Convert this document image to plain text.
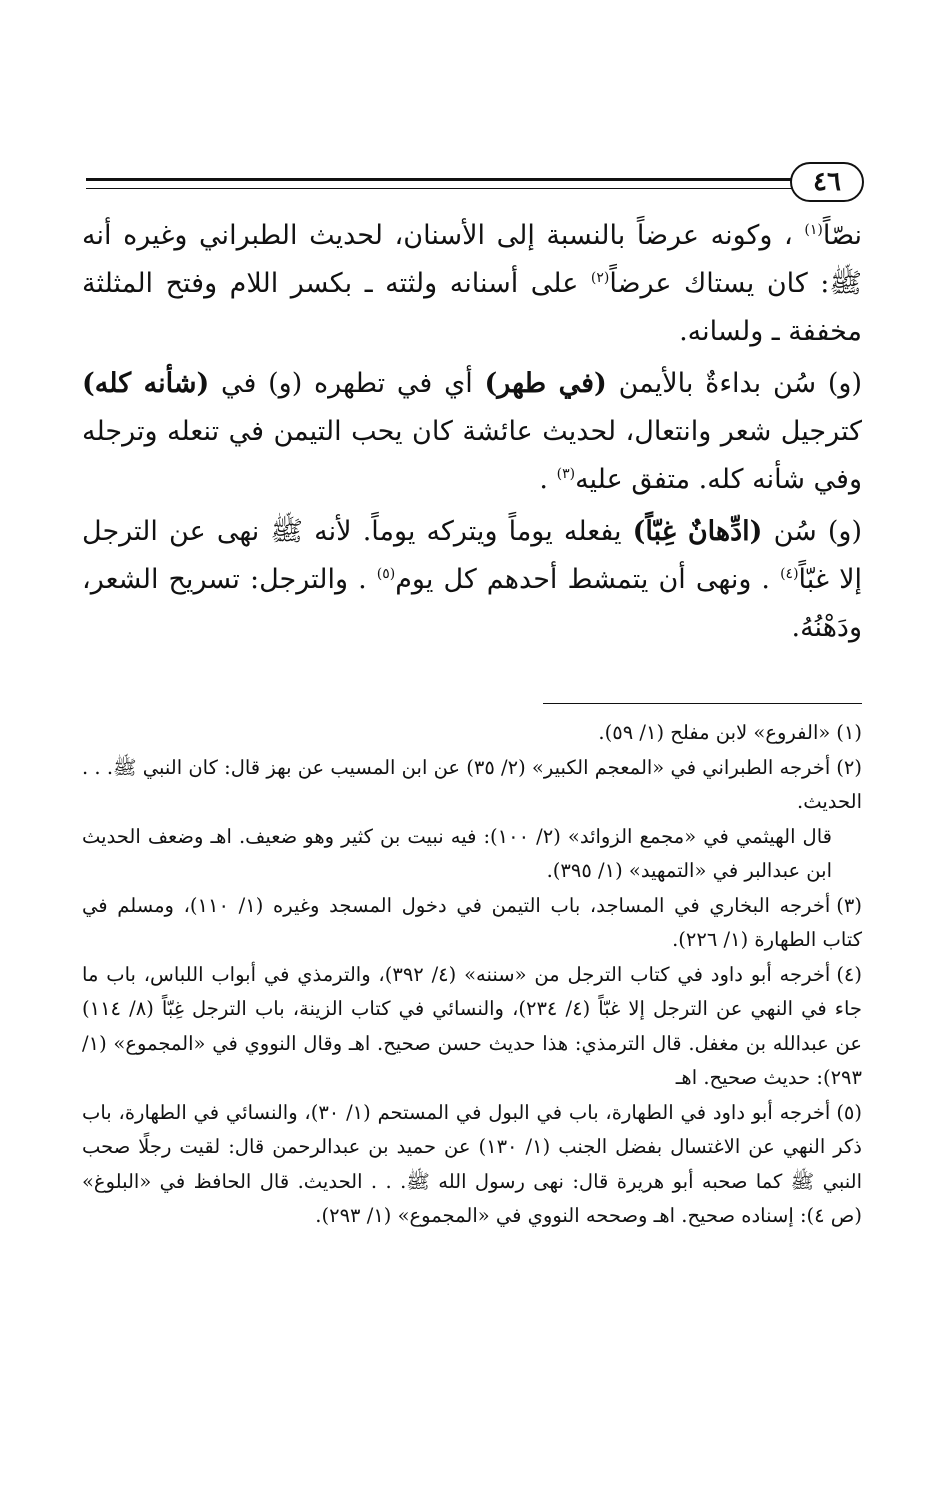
٤٦

نصّاً$^{(١)}$ ، وكونه عرضاً بالنسبة إلى الأسنان، لحديث الطبراني وغيره أنه ﷺ: كان يستاك عرضاً$^{(٢)}$ على أسنانه ولثته ـ بكسر اللام وفتح المثلثة مخففة ـ ولسانه.

(و) سُن بداءةٌ بالأيمن (في طهر) أي في تطهره (و) في (شأنه كله) كترجيل شعر وانتعال، لحديث عائشة كان يحب التيمن في تنعله وترجله وفي شأنه كله. متفق عليه$^{(٣)}$ .

(و) سُن (ادِّهانٌ غِبّاً) يفعله يوماً ويتركه يوماً. لأنه ﷺ نهى عن الترجل إلا غبّاً$^{(٤)}$ . ونهى أن يتمشط أحدهم كل يوم$^{(٥)}$ . والترجل: تسريح الشعر، ودَهْنُهُ.

(١)«الفروع» لابن مفلح (١/ ٥٩).

(٢)أخرجه الطبراني في «المعجم الكبير» (٢/ ٣٥) عن ابن المسيب عن بهز قال: كان النبي ﷺ. . . الحديث.

قال الهيثمي في «مجمع الزوائد» (٢/ ١٠٠): فيه نبيت بن كثير وهو ضعيف. اهـ وضعف الحديث ابن عبدالبر في «التمهيد» (١/ ٣٩٥).

(٣)أخرجه البخاري في المساجد، باب التيمن في دخول المسجد وغيره (١/ ١١٠)، ومسلم في كتاب الطهارة (١/ ٢٢٦).

(٤)أخرجه أبو داود في كتاب الترجل من «سننه» (٤/ ٣٩٢)، والترمذي في أبواب اللباس، باب ما جاء في النهي عن الترجل إلا غبّاً (٤/ ٢٣٤)، والنسائي في كتاب الزينة، باب الترجل غِبّاً (٨/ ١١٤) عن عبدالله بن مغفل. قال الترمذي: هذا حديث حسن صحيح. اهـ وقال النووي في «المجموع» (١/ ٢٩٣): حديث صحيح. اهـ

(٥)أخرجه أبو داود في الطهارة، باب في البول في المستحم (١/ ٣٠)، والنسائي في الطهارة، باب ذكر النهي عن الاغتسال بفضل الجنب (١/ ١٣٠) عن حميد بن عبدالرحمن قال: لقيت رجلًا صحب النبي ﷺ كما صحبه أبو هريرة قال: نهى رسول الله ﷺ. . . الحديث. قال الحافظ في «البلوغ» (ص ٤): إسناده صحيح. اهـ وصححه النووي في «المجموع» (١/ ٢٩٣).
